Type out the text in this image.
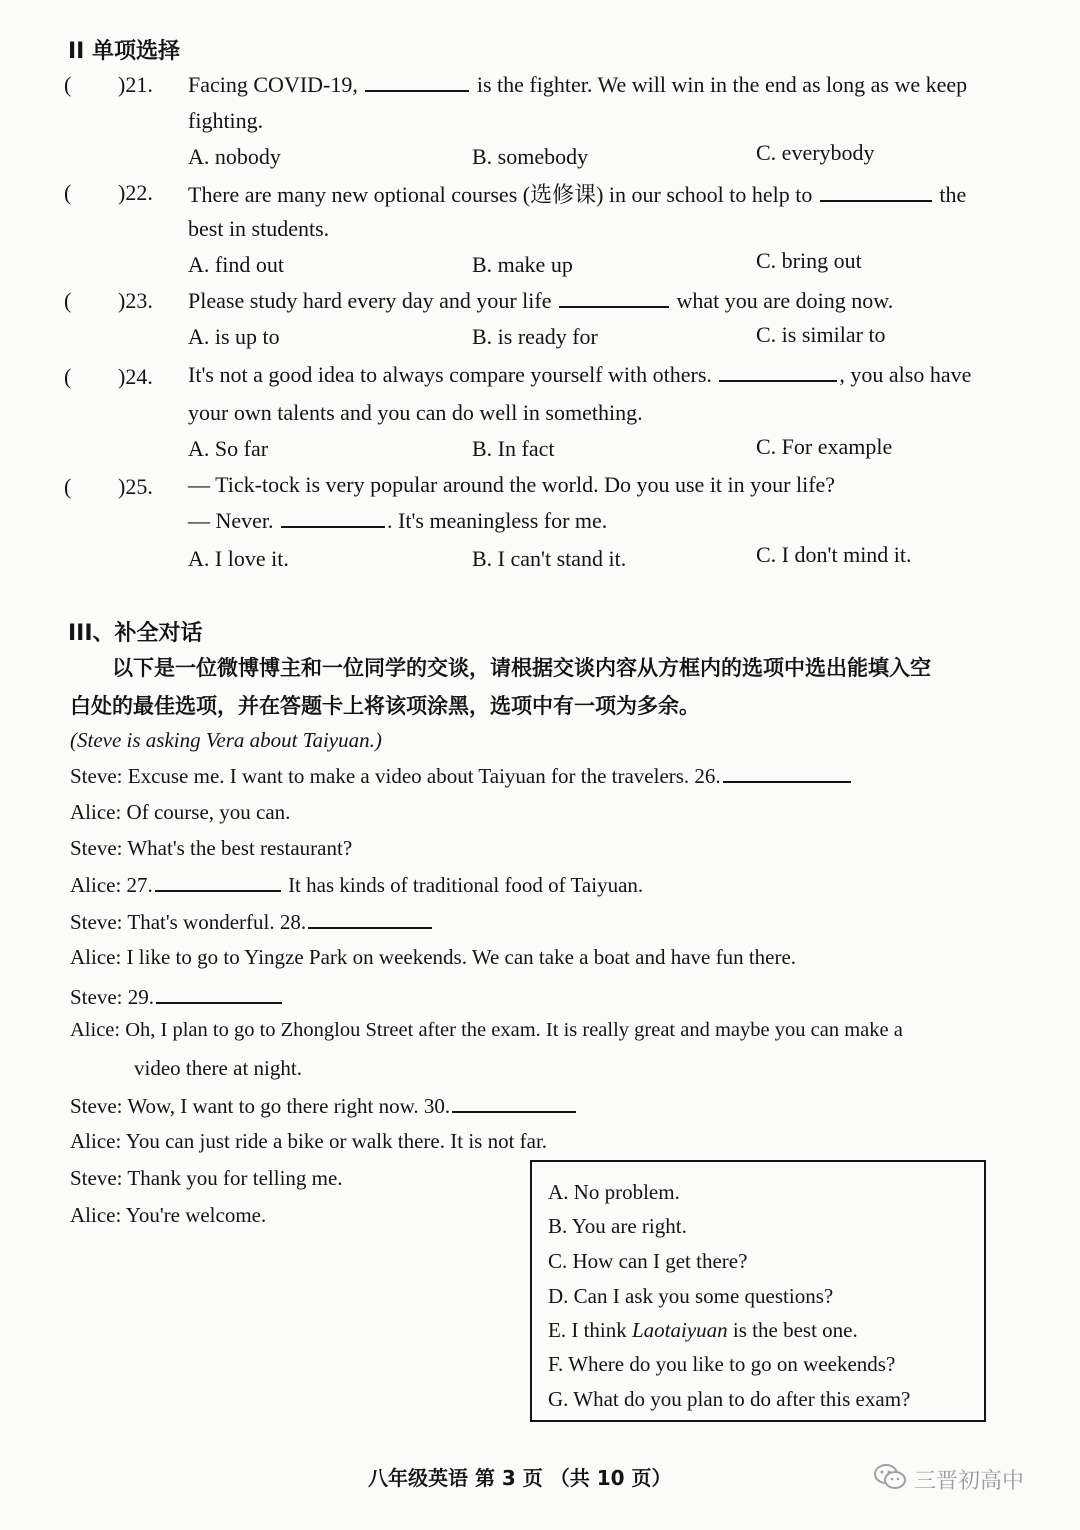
II 单项选择
( )21. Facing COVID-19,	is the fighter. We will win in the end as long as we keep
fighting.
A. nobody	B. somebody	C. everybody
( )22. There are many new optional courses (选修课) in our school to help to	the
best in students.
A. find out	B. make up	C. bring out
( )23. Please study hard every day and your life	what you are doing now.
A. is up to	B. is ready for	C. is similar to
( )24. It's not a good idea to always compare yourself with others.	, you also have
your own talents and you can do well in something.
A. So far	B. In fact	C. For example
( )25. — Tick-tock is very popular around the world. Do you use it in your life?
— Never.	. It's meaningless for me.
A. I love it.	B. I can't stand it.	C. I don't mind it.
III、补全对话
以下是一位微博博主和一位同学的交谈，请根据交谈内容从方框内的选项中选出能填入空
白处的最佳选项，并在答题卡上将该项涂黑，选项中有一项为多余。
(Steve is asking Vera about Taiyuan.)
Steve: Excuse me. I want to make a video about Taiyuan for the travelers. 26.
Alice: Of course, you can.
Steve: What's the best restaurant?
Alice: 27.	It has kinds of traditional food of Taiyuan.
Steve: That's wonderful. 28.
Alice: I like to go to Yingze Park on weekends. We can take a boat and have fun there.
Steve: 29.
Alice: Oh, I plan to go to Zhonglou Street after the exam. It is really great and maybe you can make a
video there at night.
Steve: Wow, I want to go there right now. 30.
Alice: You can just ride a bike or walk there. It is not far.
Steve: Thank you for telling me.
Alice: You're welcome.
A. No problem.
B. You are right.
C. How can I get there?
D. Can I ask you some questions?
E. I think Laotaiyuan is the best one.
F. Where do you like to go on weekends?
G. What do you plan to do after this exam?
八年级英语 第 3 页 （共 10 页）	三晋初高中
